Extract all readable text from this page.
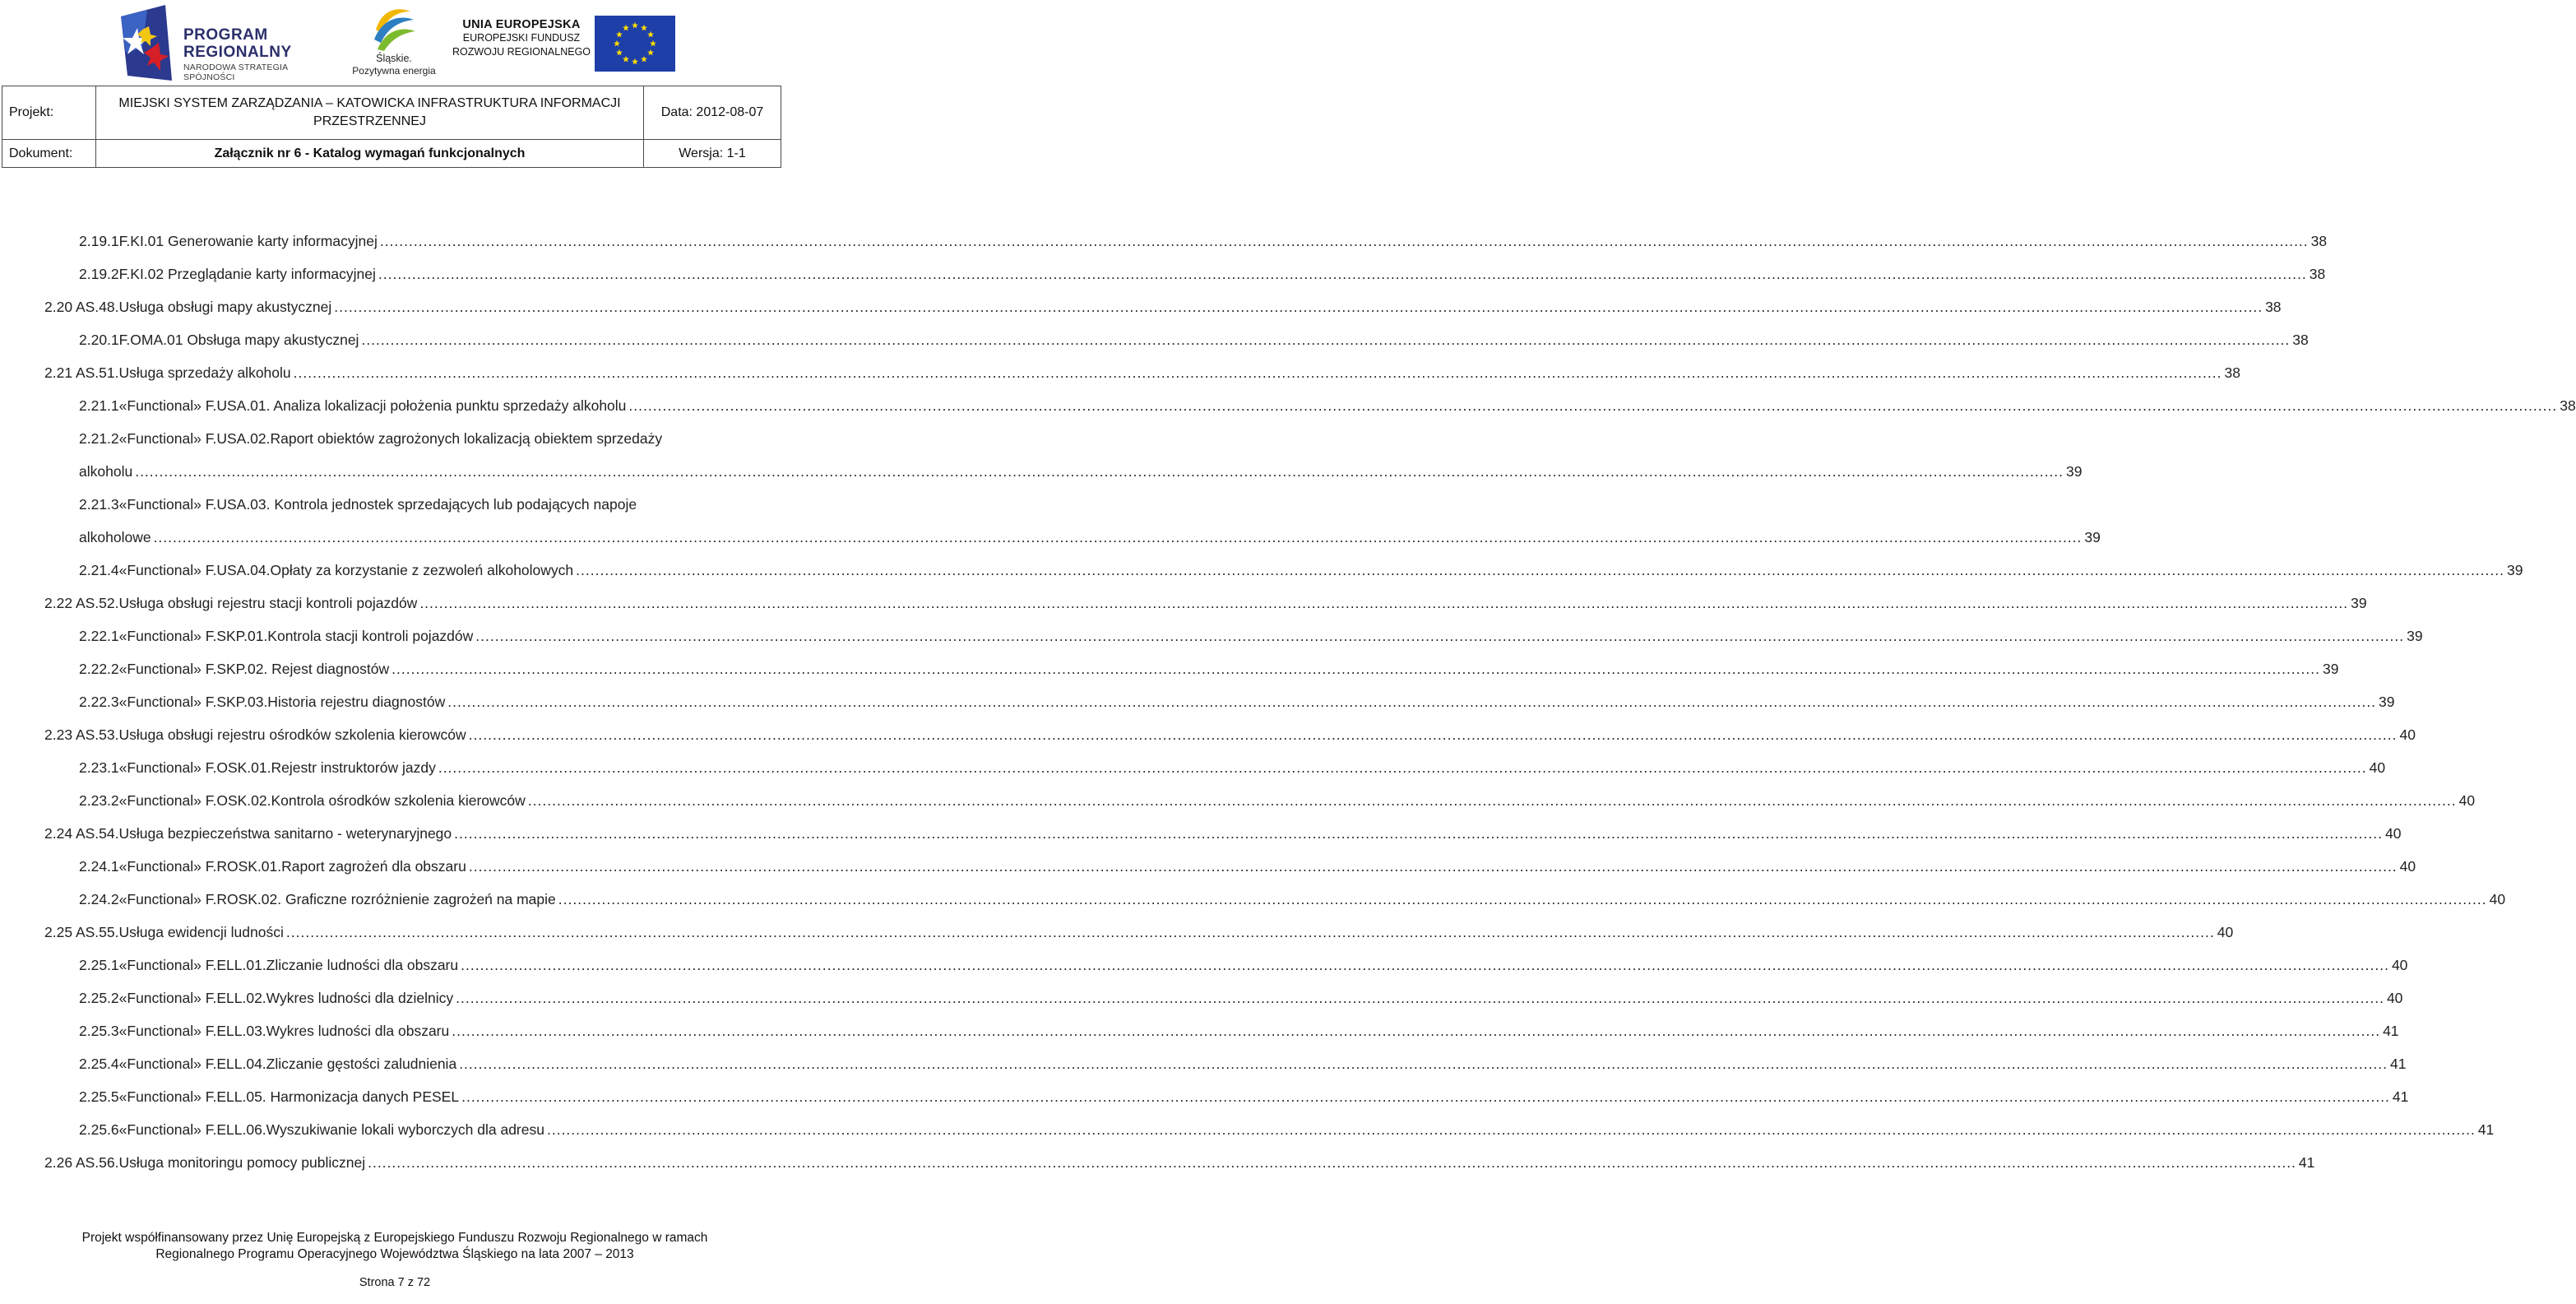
PROGRAM
REGIONALNY
NARODOWA STRATEGIA SPÓJNOŚCI
Śląskie.
Pozytywna energia
UNIA EUROPEJSKA
EUROPEJSKI FUNDUSZ
ROZWOJU REGIONALNEGO
Projekt:	MIEJSKI SYSTEM ZARZĄDZANIA – KATOWICKA INFRASTRUKTURA INFORMACJI
PRZESTRZENNEJ	Data: 2012-08-07
Dokument:	Załącznik nr 6 - Katalog wymagań funkcjonalnych	Wersja: 1-1
2.19.1F.KI.01 Generowanie karty informacyjnej ................................................................................................................................................................................................................................................................................................................................................................................................................ 38
2.19.2F.KI.02 Przeglądanie karty informacyjnej ................................................................................................................................................................................................................................................................................................................................................................................................................ 38
2.20 AS.48.Usługa obsługi mapy akustycznej ................................................................................................................................................................................................................................................................................................................................................................................................................ 38
2.20.1F.OMA.01 Obsługa mapy akustycznej ................................................................................................................................................................................................................................................................................................................................................................................................................ 38
2.21 AS.51.Usługa sprzedaży alkoholu ................................................................................................................................................................................................................................................................................................................................................................................................................ 38
2.21.1«Functional» F.USA.01. Analiza lokalizacji położenia punktu sprzedaży alkoholu ................................................................................................................................................................................................................................................................................................................................................................................................................ 38
2.21.2«Functional» F.USA.02.Raport obiektów zagrożonych lokalizacją obiektem sprzedaży
alkoholu ................................................................................................................................................................................................................................................................................................................................................................................................................ 39
2.21.3«Functional» F.USA.03. Kontrola jednostek sprzedających lub podających napoje
alkoholowe ................................................................................................................................................................................................................................................................................................................................................................................................................ 39
2.21.4«Functional» F.USA.04.Opłaty za korzystanie z zezwoleń alkoholowych ................................................................................................................................................................................................................................................................................................................................................................................................................ 39
2.22 AS.52.Usługa obsługi rejestru stacji kontroli pojazdów ................................................................................................................................................................................................................................................................................................................................................................................................................ 39
2.22.1«Functional» F.SKP.01.Kontrola stacji kontroli pojazdów ................................................................................................................................................................................................................................................................................................................................................................................................................ 39
2.22.2«Functional» F.SKP.02. Rejest diagnostów ................................................................................................................................................................................................................................................................................................................................................................................................................ 39
2.22.3«Functional» F.SKP.03.Historia rejestru diagnostów ................................................................................................................................................................................................................................................................................................................................................................................................................ 39
2.23 AS.53.Usługa obsługi rejestru ośrodków szkolenia kierowców ................................................................................................................................................................................................................................................................................................................................................................................................................ 40
2.23.1«Functional» F.OSK.01.Rejestr instruktorów jazdy ................................................................................................................................................................................................................................................................................................................................................................................................................ 40
2.23.2«Functional» F.OSK.02.Kontrola ośrodków szkolenia kierowców ................................................................................................................................................................................................................................................................................................................................................................................................................ 40
2.24 AS.54.Usługa bezpieczeństwa sanitarno - weterynaryjnego ................................................................................................................................................................................................................................................................................................................................................................................................................ 40
2.24.1«Functional» F.ROSK.01.Raport zagrożeń dla obszaru ................................................................................................................................................................................................................................................................................................................................................................................................................ 40
2.24.2«Functional» F.ROSK.02. Graficzne rozróżnienie zagrożeń na mapie ................................................................................................................................................................................................................................................................................................................................................................................................................ 40
2.25 AS.55.Usługa ewidencji ludności ................................................................................................................................................................................................................................................................................................................................................................................................................ 40
2.25.1«Functional» F.ELL.01.Zliczanie ludności dla obszaru ................................................................................................................................................................................................................................................................................................................................................................................................................ 40
2.25.2«Functional» F.ELL.02.Wykres ludności dla dzielnicy ................................................................................................................................................................................................................................................................................................................................................................................................................ 40
2.25.3«Functional» F.ELL.03.Wykres ludności dla obszaru ................................................................................................................................................................................................................................................................................................................................................................................................................ 41
2.25.4«Functional» F.ELL.04.Zliczanie gęstości zaludnienia ................................................................................................................................................................................................................................................................................................................................................................................................................ 41
2.25.5«Functional» F.ELL.05. Harmonizacja danych PESEL ................................................................................................................................................................................................................................................................................................................................................................................................................ 41
2.25.6«Functional» F.ELL.06.Wyszukiwanie lokali wyborczych dla adresu ................................................................................................................................................................................................................................................................................................................................................................................................................ 41
2.26 AS.56.Usługa monitoringu pomocy publicznej ................................................................................................................................................................................................................................................................................................................................................................................................................ 41
Projekt współfinansowany przez Unię Europejską z Europejskiego Funduszu Rozwoju Regionalnego w ramach
Regionalnego Programu Operacyjnego Województwa Śląskiego na lata 2007 – 2013
Strona 7 z 72
